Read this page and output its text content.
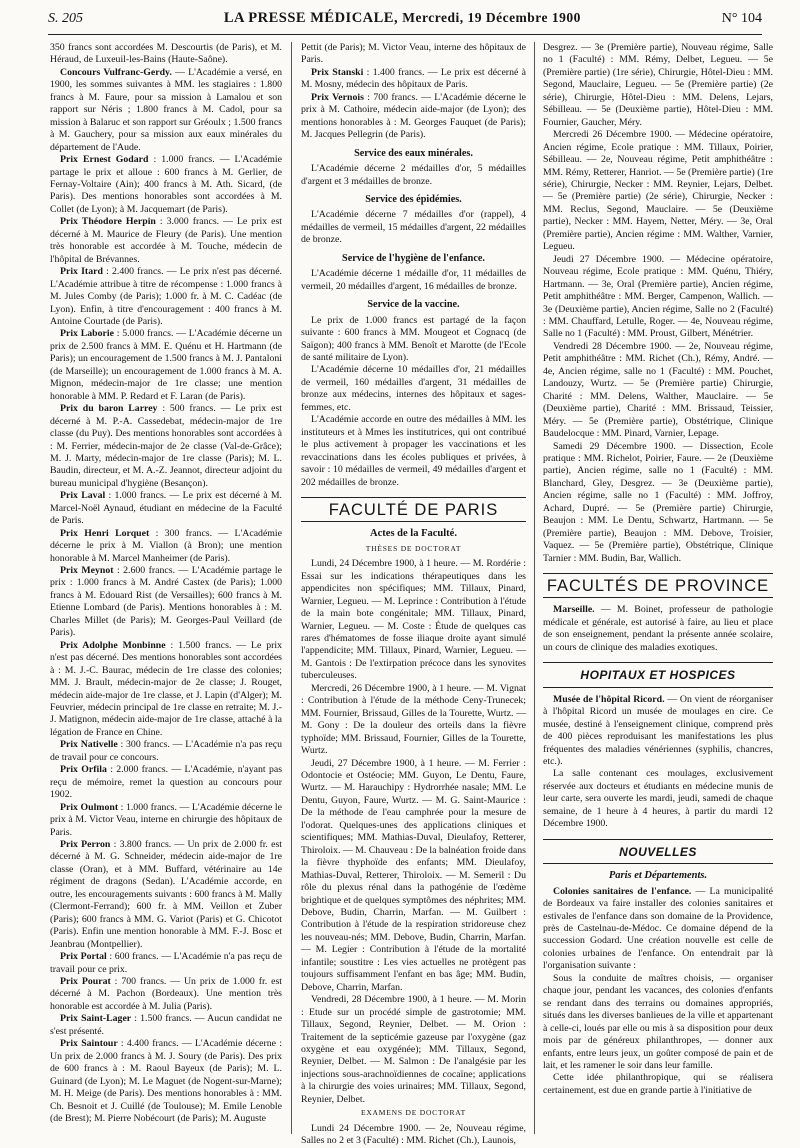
S. 205	LA PRESSE MÉDICALE, Mercredi, 19 Décembre 1900	N° 104

350 francs sont accordées M. Descourtis (de Paris), et M. Héraud, de Luxeuil-les-Bains (Haute-Saône).

Concours Vulfranc-Gerdy. — L'Académie a versé, en 1900, les sommes suivantes à MM. les stagiaires : 1.800 francs à M. Faure, pour sa mission à Lamalou et son rapport sur Néris ; 1.800 francs à M. Cadol, pour sa mission à Balaruc et son rapport sur Gréoulx ; 1.500 francs à M. Gauchery, pour sa mission aux eaux minérales du département de l'Aude.

Prix Ernest Godard : 1.000 francs. — L'Académie partage le prix et alloue : 600 francs à M. Gerlier, de Fernay-Voltaire (Ain); 400 francs à M. Ath. Sicard, (de Paris). Des mentions honorables sont accordées à M. Collet (de Lyon); à M. Jacquemart (de Paris).

Prix Théodore Herpin : 3.000 francs. — Le prix est décerné à M. Maurice de Fleury (de Paris). Une mention très honorable est accordée à M. Touche, médecin de l'hôpital de Brévannes.

Prix Itard : 2.400 francs. — Le prix n'est pas décerné. L'Académie attribue à titre de récompense : 1.000 francs à M. Jules Comby (de Paris); 1.000 fr. à M. C. Cadéac (de Lyon). Enfin, à titre d'encouragement : 400 francs à M. Antoine Courtade (de Paris).

Prix Laborie : 5.000 francs. — L'Académie décerne un prix de 2.500 francs à MM. E. Quénu et H. Hartmann (de Paris); un encouragement de 1.500 francs à M. J. Pantaloni (de Marseille); un encouragement de 1.000 francs à M. A. Mignon, médecin-major de 1re classe; une mention honorable à MM. P. Redard et F. Laran (de Paris).

Prix du baron Larrey : 500 francs. — Le prix est décerné à M. P.-A. Cassedebat, médecin-major de 1re classe (du Puy). Des mentions honorables sont accordées à : M. Ferrier, médecin-major de 2e classe (Val-de-Grâce); M. J. Marty, médecin-major de 1re classe (Paris); M. L. Baudin, directeur, et M. A.-Z. Jeannot, directeur adjoint du bureau municipal d'hygiène (Besançon).

Prix Laval : 1.000 francs. — Le prix est décerné à M. Marcel-Noël Aynaud, étudiant en médecine de la Faculté de Paris.

Prix Henri Lorquet : 300 francs. — L'Académie décerne le prix à M. Viallon (à Bron); une mention honorable à M. Marcel Manheimer (de Paris).

Prix Meynot : 2.600 francs. — L'Académie partage le prix : 1.000 francs à M. André Castex (de Paris); 1.000 francs à M. Edouard Rist (de Versailles); 600 francs à M. Etienne Lombard (de Paris). Mentions honorables à : M. Charles Millet (de Paris); M. Georges-Paul Veillard (de Paris).

Prix Adolphe Monbinne : 1.500 francs. — Le prix n'est pas décerné. Des mentions honorables sont accordées à : M. J.-C. Baurac, médecin de 1re classe des colonies; MM. J. Brault, médecin-major de 2e classe; J. Rouget, médecin aide-major de 1re classe, et J. Lapin (d'Alger); M. Feuvrier, médecin principal de 1re classe en retraite; M. J.-J. Matignon, médecin aide-major de 1re classe, attaché à la légation de France en Chine.

Prix Nativelle : 300 francs. — L'Académie n'a pas reçu de travail pour ce concours.

Prix Orfila : 2.000 francs. — L'Académie, n'ayant pas reçu de mémoire, remet la question au concours pour 1902.

Prix Oulmont : 1.000 francs. — L'Académie décerne le prix à M. Victor Veau, interne en chirurgie des hôpitaux de Paris.

Prix Perron : 3.800 francs. — Un prix de 2.000 fr. est décerné à M. G. Schneider, médecin aide-major de 1re classe (Oran), et à MM. Buffard, vétérinaire au 14e régiment de dragons (Sedan). L'Académie accorde, en outre, les encouragements suivants : 600 francs à M. Mally (Clermont-Ferrand); 600 fr. à MM. Veillon et Zuber (Paris); 600 francs à MM. G. Variot (Paris) et G. Chicotot (Paris). Enfin une mention honorable à MM. F.-J. Bosc et Jeanbrau (Montpellier).

Prix Portal : 600 francs. — L'Académie n'a pas reçu de travail pour ce prix.

Prix Pourat : 700 francs. — Un prix de 1.000 fr. est décerné à M. Pachon (Bordeaux). Une mention très honorable est accordée à M. Julia (Paris).

Prix Saint-Lager : 1.500 francs. — Aucun candidat ne s'est présenté.

Prix Saintour : 4.400 francs. — L'Académie décerne : Un prix de 2.000 francs à M. J. Soury (de Paris). Des prix de 600 francs à : M. Raoul Bayeux (de Paris); M. L. Guinard (de Lyon); M. Le Maguet (de Nogent-sur-Marne); M. H. Meige (de Paris). Des mentions honorables à : MM. Ch. Besnoit et J. Cuillé (de Toulouse); M. Emile Lenoble (de Brest); M. Pierre Nobécourt (de Paris); M. Auguste

Pettit (de Paris); M. Victor Veau, interne des hôpitaux de Paris.

Prix Stanski : 1.400 francs. — Le prix est décerné à M. Mosny, médecin des hôpitaux de Paris.

Prix Vernois : 700 francs. — L'Académie décerne le prix à M. Cathoire, médecin aide-major (de Lyon); des mentions honorables à : M. Georges Fauquet (de Paris); M. Jacques Pellegrin (de Paris).

Service des eaux minérales.

L'Académie décerne 2 médailles d'or, 5 médailles d'argent et 3 médailles de bronze.

Service des épidémies.

L'Académie décerne 7 médailles d'or (rappel), 4 médailles de vermeil, 15 médailles d'argent, 22 médailles de bronze.

Service de l'hygiène de l'enfance.

L'Académie décerne 1 médaille d'or, 11 médailles de vermeil, 20 médailles d'argent, 16 médailles de bronze.

Service de la vaccine.

Le prix de 1.000 francs est partagé de la façon suivante : 600 francs à MM. Mougeot et Cognacq (de Saïgon); 400 francs à MM. Benoît et Marotte (de l'Ecole de santé militaire de Lyon).

L'Académie décerne 10 médailles d'or, 21 médailles de vermeil, 160 médailles d'argent, 31 médailles de bronze aux médecins, internes des hôpitaux et sages-femmes, etc.

L'Académie accorde en outre des médailles à MM. les instituteurs et à Mmes les institutrices, qui ont contribué le plus activement à propager les vaccinations et les revaccinations dans les écoles publiques et privées, à savoir : 10 médailles de vermeil, 49 médailles d'argent et 202 médailles de bronze.

FACULTÉ DE PARIS
Actes de la Faculté.
THÈSES DE DOCTORAT

Lundi, 24 Décembre 1900, à 1 heure. — M. Rordérie : Essai sur les indications thérapeutiques dans les appendicites non spécifiques; MM. Tillaux, Pinard, Warnier, Legueu. — M. Leprince : Contribution à l'étude de la main bote congénitale; MM. Tillaux, Pinard, Warnier, Legueu. — M. Coste : Étude de quelques cas rares d'hématomes de fosse iliaque droite ayant simulé l'appendicite; MM. Tillaux, Pinard, Warnier, Legueu. — M. Gantois : De l'extirpation précoce dans les synovites tuberculeuses.

Mercredi, 26 Décembre 1900, à 1 heure. — M. Vignat : Contribution à l'étude de la méthode Ceny-Trunecek; MM. Fournier, Brissaud, Gilles de la Tourette, Wurtz. — M. Gony : De la douleur des orteils dans la fièvre typhoïde; MM. Brissaud, Fournier, Gilles de la Tourette, Wurtz.

Jeudi, 27 Décembre 1900, à 1 heure. — M. Ferrier : Odontocie et Ostéocie; MM. Guyon, Le Dentu, Faure, Wurtz. — M. Harauchipy : Hydrorrhée nasale; MM. Le Dentu, Guyon, Faure, Wurtz. — M. G. Saint-Maurice : De la méthode de l'eau camphrée pour la mesure de l'odorat. Quelques-unes des applications cliniques et scientifiques; MM. Mathias-Duval, Dieulafoy, Retterer, Thiroloix. — M. Chauveau : De la balnéation froide dans la fièvre thyphoïde des enfants; MM. Dieulafoy, Mathias-Duval, Retterer, Thiroloix. — M. Semeril : Du rôle du plexus rénal dans la pathogénie de l'œdème brightique et de quelques symptômes des néphrites; MM. Debove, Budin, Charrin, Marfan. — M. Guilbert : Contribution à l'étude de la respiration stridoreuse chez les nouveau-nés; MM. Debove, Budin, Charrin, Marfan. — M. Legier : Contribution à l'étude de la mortalité infantile; soustitre : Les vies actuelles ne protègent pas toujours suffisamment l'enfant en bas âge; MM. Budin, Debove, Charrin, Marfan.

Vendredi, 28 Décembre 1900, à 1 heure. — M. Morin : Etude sur un procédé simple de gastrotomie; MM. Tillaux, Segond, Reynier, Delbet. — M. Orion : Traitement de la septicémie gazeuse par l'oxygène (gaz oxygène et eau oxygénée); MM. Tillaux, Segond, Reynier, Delbet. — M. Salmon : De l'analgésie par les injections sous-arachnoïdiennes de cocaïne; applications à la chirurgie des voies urinaires; MM. Tillaux, Segond, Reynier, Delbet.

EXAMENS DE DOCTORAT

Lundi 24 Décembre 1900. — 2e, Nouveau régime, Salles no 2 et 3 (Faculté) : MM. Richet (Ch.), Launois,

Desgrez. — 3e (Première partie), Nouveau régime, Salle no 1 (Faculté) : MM. Rémy, Delbet, Legueu. — 5e (Première partie) (1re série), Chirurgie, Hôtel-Dieu : MM. Segond, Mauclaire, Legueu. — 5e (Première partie) (2e série), Chirurgie, Hôtel-Dieu : MM. Delens, Lejars, Sébilleau. — 5e (Deuxième partie), Hôtel-Dieu : MM. Fournier, Gaucher, Méry.

Mercredi 26 Décembre 1900. — Médecine opératoire, Ancien régime, Ecole pratique : MM. Tillaux, Poirier, Sébilleau. — 2e, Nouveau régime, Petit amphithéâtre : MM. Rémy, Retterer, Hanriot. — 5e (Première partie) (1re série), Chirurgie, Necker : MM. Reynier, Lejars, Delbet. — 5e (Première partie) (2e série), Chirurgie, Necker : MM. Reclus, Segond, Mauclaire. — 5e (Deuxième partie), Necker : MM. Hayem, Netter, Méry. — 3e, Oral (Première partie), Ancien régime : MM. Walther, Varnier, Legueu.

Jeudi 27 Décembre 1900. — Médecine opératoire, Nouveau régime, Ecole pratique : MM. Quénu, Thiéry, Hartmann. — 3e, Oral (Première partie), Ancien régime, Petit amphithéâtre : MM. Berger, Campenon, Wallich. — 3e (Deuxième partie), Ancien régime, Salle no 2 (Faculté) : MM. Chauffard, Letulle, Roger. — 4e, Nouveau régime, Salle no 1 (Faculté) : MM. Proust, Gilbert, Ménétrier.

Vendredi 28 Décembre 1900. — 2e, Nouveau régime, Petit amphithéâtre : MM. Richet (Ch.), Rémy, André. — 4e, Ancien régime, salle no 1 (Faculté) : MM. Pouchet, Landouzy, Wurtz. — 5e (Première partie) Chirurgie, Charité : MM. Delens, Walther, Mauclaire. — 5e (Deuxième partie), Charité : MM. Brissaud, Teissier, Méry. — 5e (Première partie), Obstétrique, Clinique Baudelocque : MM. Pinard, Varnier, Lepage.

Samedi 29 Décembre 1900. — Dissection, Ecole pratique : MM. Richelot, Poirier, Faure. — 2e (Deuxième partie), Ancien régime, salle no 1 (Faculté) : MM. Blanchard, Gley, Desgrez. — 3e (Deuxième partie), Ancien régime, salle no 1 (Faculté) : MM. Joffroy, Achard, Dupré. — 5e (Première partie) Chirurgie, Beaujon : MM. Le Dentu, Schwartz, Hartmann. — 5e (Première partie), Beaujon : MM. Debove, Troisier, Vaquez. — 5e (Première partie), Obstétrique, Clinique Tarnier : MM. Budin, Bar, Wallich.

FACULTÉS DE PROVINCE

Marseille. — M. Boinet, professeur de pathologie médicale et générale, est autorisé à faire, au lieu et place de son enseignement, pendant la présente année scolaire, un cours de clinique des maladies exotiques.

HOPITAUX ET HOSPICES

Musée de l'hôpital Ricord. — On vient de réorganiser à l'hôpital Ricord un musée de moulages en cire. Ce musée, destiné à l'enseignement clinique, comprend près de 400 pièces reproduisant les manifestations les plus fréquentes des maladies vénériennes (syphilis, chancres, etc.).

La salle contenant ces moulages, exclusivement réservée aux docteurs et étudiants en médecine munis de leur carte, sera ouverte les mardi, jeudi, samedi de chaque semaine, de 1 heure à 4 heures, à partir du mardi 12 Décembre 1900.

NOUVELLES
Paris et Départements.

Colonies sanitaires de l'enfance. — La municipalité de Bordeaux va faire installer des colonies sanitaires et estivales de l'enfance dans son domaine de la Providence, près de Castelnau-de-Médoc. Ce domaine dépend de la succession Godard. Une création nouvelle est celle de colonies urbaines de l'enfance. On entendrait par là l'organisation suivante :

Sous la conduite de maîtres choisis, — organiser chaque jour, pendant les vacances, des colonies d'enfants se rendant dans des terrains ou domaines appropriés, situés dans les diverses banlieues de la ville et appartenant à celle-ci, loués par elle ou mis à sa disposition pour deux mois par de généreux philanthropes, — donner aux enfants, entre leurs jeux, un goûter composé de pain et de lait, et les ramener le soir dans leur famille.

Cette idée philanthropique, qui se réalisera certainement, est due en grande partie à l'initiative de
